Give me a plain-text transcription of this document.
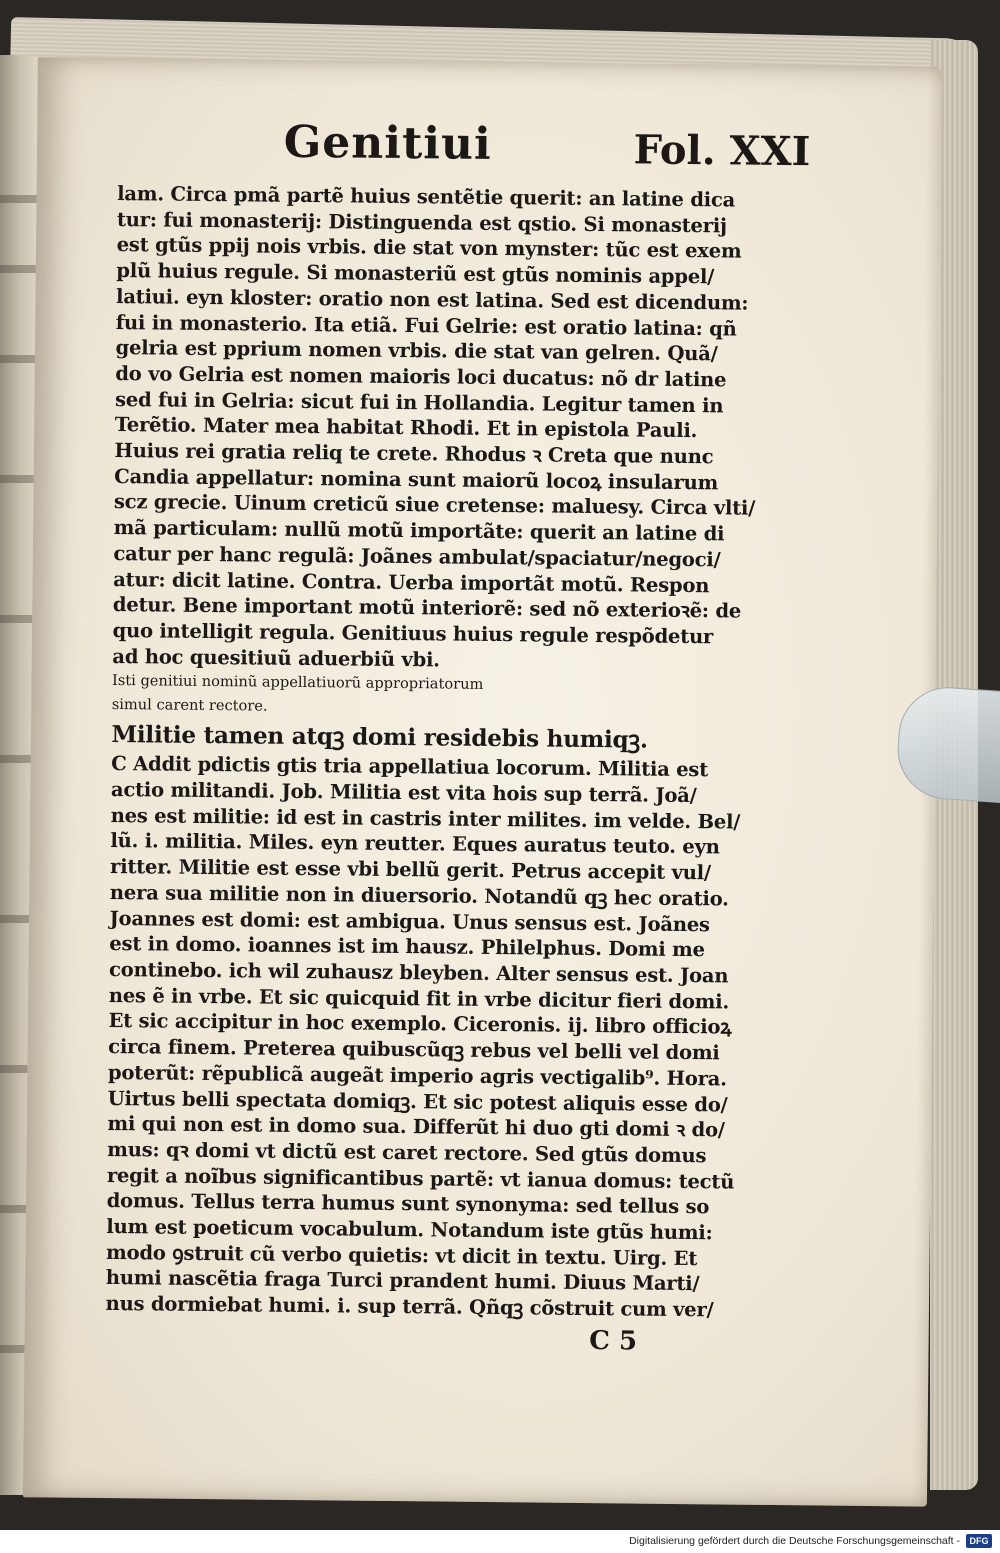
Genitiui	Fol. XXI
lam. Circa pmã partẽ huius sentẽtie querit: an latine dica
tur: fui monasterij: Distinguenda est qstio. Si monasterij
est gtũs ppij nois vrbis. die stat von mynster: tũc est exem
plũ huius regule. Si monasteriũ est gtũs nominis appel/
latiui. eyn kloster: oratio non est latina. Sed est dicendum:
fui in monasterio. Ita etiã. Fui Gelrie: est oratio latina: qñ
gelria est pprium nomen vrbis. die stat van gelren. Quã/
do vo Gelria est nomen maioris loci ducatus: nõ dr latine
sed fui in Gelria: sicut fui in Hollandia. Legitur tamen in
Terẽtio. Mater mea habitat Rhodi. Et in epistola Pauli.
Huius rei gratia reliq te crete. Rhodus ꝛ Creta que nunc
Candia appellatur: nomina sunt maiorũ locoꝝ insularum
scz grecie. Uinum creticũ siue cretense: maluesy. Circa vlti/
mã particulam: nullũ motũ importãte: querit an latine di
catur per hanc regulã: Joãnes ambulat/spaciatur/negoci/
atur: dicit latine. Contra. Uerba importãt motũ. Respon
detur. Bene important motũ interiorẽ: sed nõ exterioꝛẽ: de
quo intelligit regula. Genitiuus huius regule respõdetur
ad hoc quesitiuũ aduerbiũ vbi.
Isti genitiui nominũ appellatiuorũ appropriatorum
simul carent rectore.
Militie tamen atqꝫ domi residebis humiqꝫ.
C Addit pdictis gtis tria appellatiua locorum. Militia est
actio militandi. Job. Militia est vita hois sup terrã. Joã/
nes est militie: id est in castris inter milites. im velde. Bel/
lũ. i. militia. Miles. eyn reutter. Eques auratus teuto. eyn
ritter. Militie est esse vbi bellũ gerit. Petrus accepit vul/
nera sua militie non in diuersorio. Notandũ qꝫ hec oratio.
Joannes est domi: est ambigua. Unus sensus est. Joãnes
est in domo. ioannes ist im hausz. Philelphus. Domi me
continebo. ich wil zuhausz bleyben. Alter sensus est. Joan
nes ẽ in vrbe. Et sic quicquid fit in vrbe dicitur fieri domi.
Et sic accipitur in hoc exemplo. Ciceronis. ij. libro officioꝝ
circa finem. Preterea quibuscũqꝫ rebus vel belli vel domi
poterũt: rẽpublicã augeãt imperio agris vectigalib⁹. Hora.
Uirtus belli spectata domiqꝫ. Et sic potest aliquis esse do/
mi qui non est in domo sua. Differũt hi duo gti domi ꝛ do/
mus: qꝛ domi vt dictũ est caret rectore. Sed gtũs domus
regit a noĩbus significantibus partẽ: vt ianua domus: tectũ
domus. Tellus terra humus sunt synonyma: sed tellus so
lum est poeticum vocabulum. Notandum iste gtũs humi:
modo ꝯstruit cũ verbo quietis: vt dicit in textu. Uirg. Et
humi nascẽtia fraga Turci prandent humi. Diuus Marti/
nus dormiebat humi. i. sup terrã. Qñqꝫ cõstruit cum ver/
C 5
Digitalisierung gefördert durch die Deutsche Forschungsgemeinschaft -	DFG
